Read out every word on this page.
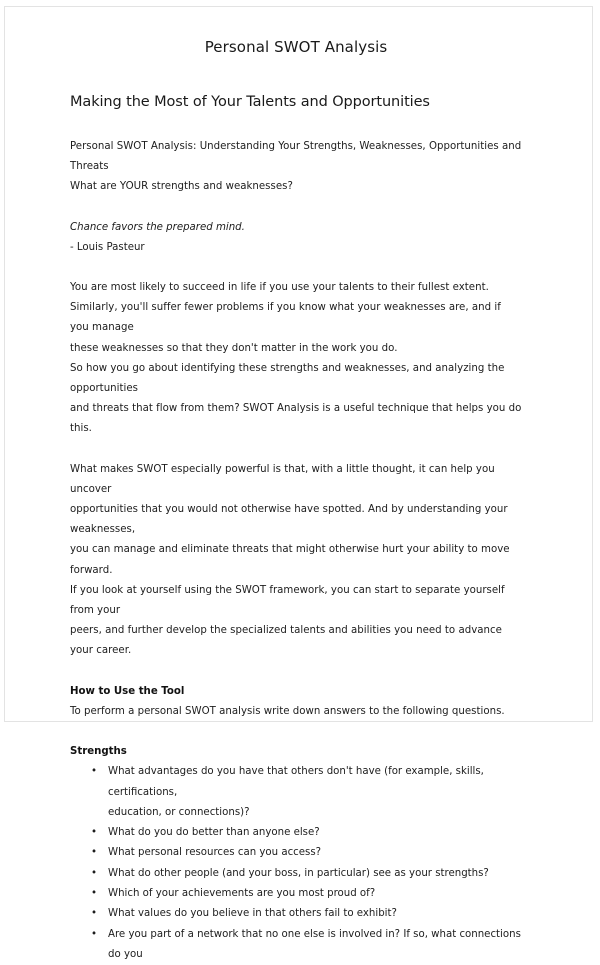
Personal SWOT Analysis
Making the Most of Your Talents and Opportunities
Personal SWOT Analysis: Understanding Your Strengths, Weaknesses, Opportunities and Threats
What are YOUR strengths and weaknesses?
Chance favors the prepared mind.
- Louis Pasteur
You are most likely to succeed in life if you use your talents to their fullest extent.
Similarly, you'll suffer fewer problems if you know what your weaknesses are, and if you manage
these weaknesses so that they don't matter in the work you do.
So how you go about identifying these strengths and weaknesses, and analyzing the opportunities
and threats that flow from them? SWOT Analysis is a useful technique that helps you do this.
What makes SWOT especially powerful is that, with a little thought, it can help you uncover
opportunities that you would not otherwise have spotted. And by understanding your weaknesses,
you can manage and eliminate threats that might otherwise hurt your ability to move forward.
If you look at yourself using the SWOT framework, you can start to separate yourself from your
peers, and further develop the specialized talents and abilities you need to advance your career.
How to Use the Tool
To perform a personal SWOT analysis write down answers to the following questions.
Strengths
• What advantages do you have that others don't have (for example, skills, certifications,
education, or connections)?
• What do you do better than anyone else?
• What personal resources can you access?
• What do other people (and your boss, in particular) see as your strengths?
• Which of your achievements are you most proud of?
• What values do you believe in that others fail to exhibit?
• Are you part of a network that no one else is involved in? If so, what connections do you
